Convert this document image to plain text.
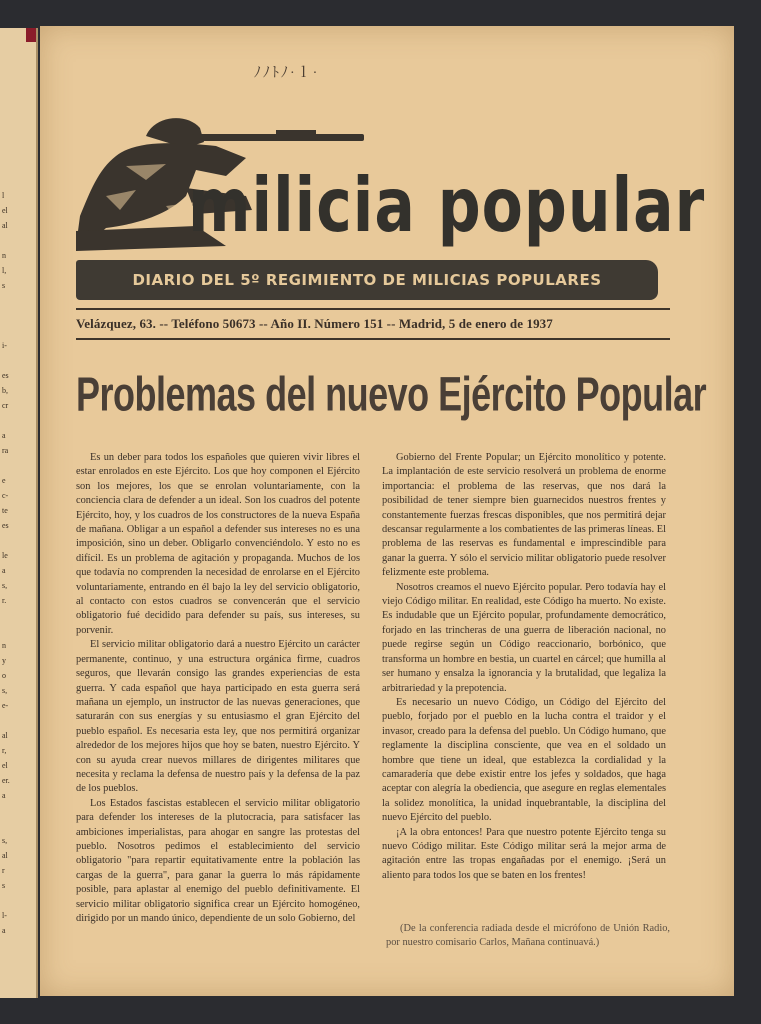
l
el
al

n
l,
s

i-

es
b,
cr

a
ra

e
c-
te
es

le
a
s,
r.

n
y
o
s,
e-

al
r,
el
er.
a

s,
al
r
s

l-
a
ﾉﾉﾄﾉ·ｌ·
milicia popular
DIARIO DEL 5º REGIMIENTO DE MILICIAS POPULARES
Velázquez, 63. -- Teléfono 50673 -- Año II. Número 151 -- Madrid, 5 de enero de 1937
Problemas del nuevo Ejército Popular

Es un deber para todos los españoles que quieren vivir libres el estar enrolados en este Ejército. Los que hoy componen el Ejército son los mejores, los que se enrolan voluntariamente, con la conciencia clara de defender a un ideal. Son los cuadros del potente Ejército, hoy, y los cuadros de los constructores de la nueva España de mañana. Obligar a un español a defender sus intereses no es una imposición, sino un deber. Obligarlo convenciéndolo. Y esto no es difícil. Es un problema de agitación y propaganda. Muchos de los que todavía no comprenden la necesidad de enrolarse en el Ejército voluntariamente, entrando en él bajo la ley del servicio obligatorio, al contacto con estos cuadros se convencerán que el servicio obligatorio fué decidido para defender su país, sus intereses, su porvenir.

El servicio militar obligatorio dará a nuestro Ejército un carácter permanente, continuo, y una estructura orgánica firme, cuadros seguros, que llevarán consigo las grandes experiencias de esta guerra. Y cada español que haya participado en esta guerra será mañana un ejemplo, un instructor de las nuevas generaciones, que saturarán con sus energías y su entusiasmo el gran Ejército del pueblo español. Es necesaria esta ley, que nos permitirá organizar alrededor de los mejores hijos que hoy se baten, nuestro Ejército. Y con su ayuda crear nuevos millares de dirigentes militares que necesita y reclama la defensa de nuestro país y la defensa de la paz de los pueblos.

Los Estados fascistas establecen el servicio militar obligatorio para defender los intereses de la plutocracia, para satisfacer las ambiciones imperialistas, para ahogar en sangre las protestas del pueblo. Nosotros pedimos el establecimiento del servicio obligatorio "para repartir equitativamente entre la población las cargas de la guerra", para ganar la guerra lo más rápidamente posible, para aplastar al enemigo del pueblo definitivamente. El servicio militar obligatorio significa crear un Ejército homogéneo, dirigido por un mando único, dependiente de un solo Gobierno, del

Gobierno del Frente Popular; un Ejército monolítico y potente. La implantación de este servicio resolverá un problema de enorme importancia: el problema de las reservas, que nos dará la posibilidad de tener siempre bien guarnecidos nuestros frentes y constantemente fuerzas frescas disponibles, que nos permitirá dejar descansar regularmente a los combatientes de las primeras líneas. El problema de las reservas es fundamental e imprescindible para ganar la guerra. Y sólo el servicio militar obligatorio puede resolver felizmente este problema.

Nosotros creamos el nuevo Ejército popular. Pero todavía hay el viejo Código militar. En realidad, este Código ha muerto. No existe. Es indudable que un Ejército popular, profundamente democrático, forjado en las trincheras de una guerra de liberación nacional, no puede regirse según un Código reaccionario, borbónico, que transforma un hombre en bestia, un cuartel en cárcel; que humilla al ser humano y ensalza la ignorancia y la brutalidad, que legaliza la arbitrariedad y la prepotencia.

Es necesario un nuevo Código, un Código del Ejército del pueblo, forjado por el pueblo en la lucha contra el traidor y el invasor, creado para la defensa del pueblo. Un Código humano, que reglamente la disciplina consciente, que vea en el soldado un hombre que tiene un ideal, que establezca la cordialidad y la camaradería que debe existir entre los jefes y soldados, que haga aceptar con alegría la obediencia, que asegure en reglas elementales la solidez monolítica, la unidad inquebrantable, la disciplina del nuevo Ejército del pueblo.

¡A la obra entonces! Para que nuestro potente Ejército tenga su nuevo Código militar. Este Código militar será la mejor arma de agitación entre las tropas engañadas por el enemigo. ¡Será un aliento para todos los que se baten en los frentes!

(De la conferencia radiada desde el micrófono de Unión Radio, por nuestro comisario Carlos, Mañana continuavá.)
